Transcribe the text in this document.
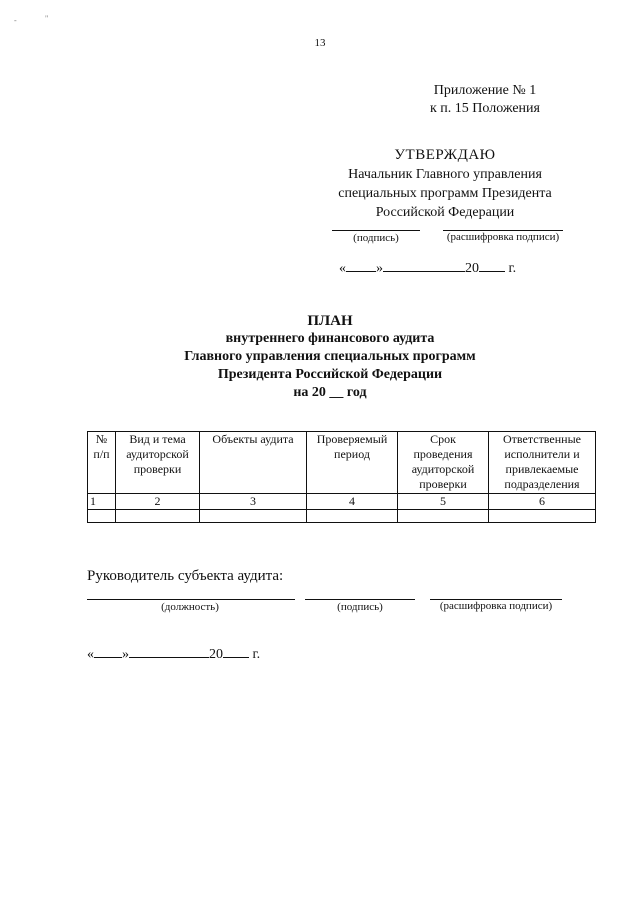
-	"
13
Приложение № 1
к п. 15 Положения
УТВЕРЖДАЮ
Начальник Главного управления
специальных программ Президента
Российской Федерации
(подпись)	(расшифровка подписи)
« »	20 г.
ПЛАН
внутреннего финансового аудита
Главного управления специальных программ
Президента Российской Федерации
на 20 __ год
№ п/п	Вид и тема аудиторской проверки	Объекты аудита	Проверяемый период	Срок проведения аудиторской проверки	Ответственные исполнители и привлекаемые подразделения
1	2	3	4	5	6

Руководитель субъекта аудита:
(должность)	(подпись)	(расшифровка подписи)
« »	20 г.
